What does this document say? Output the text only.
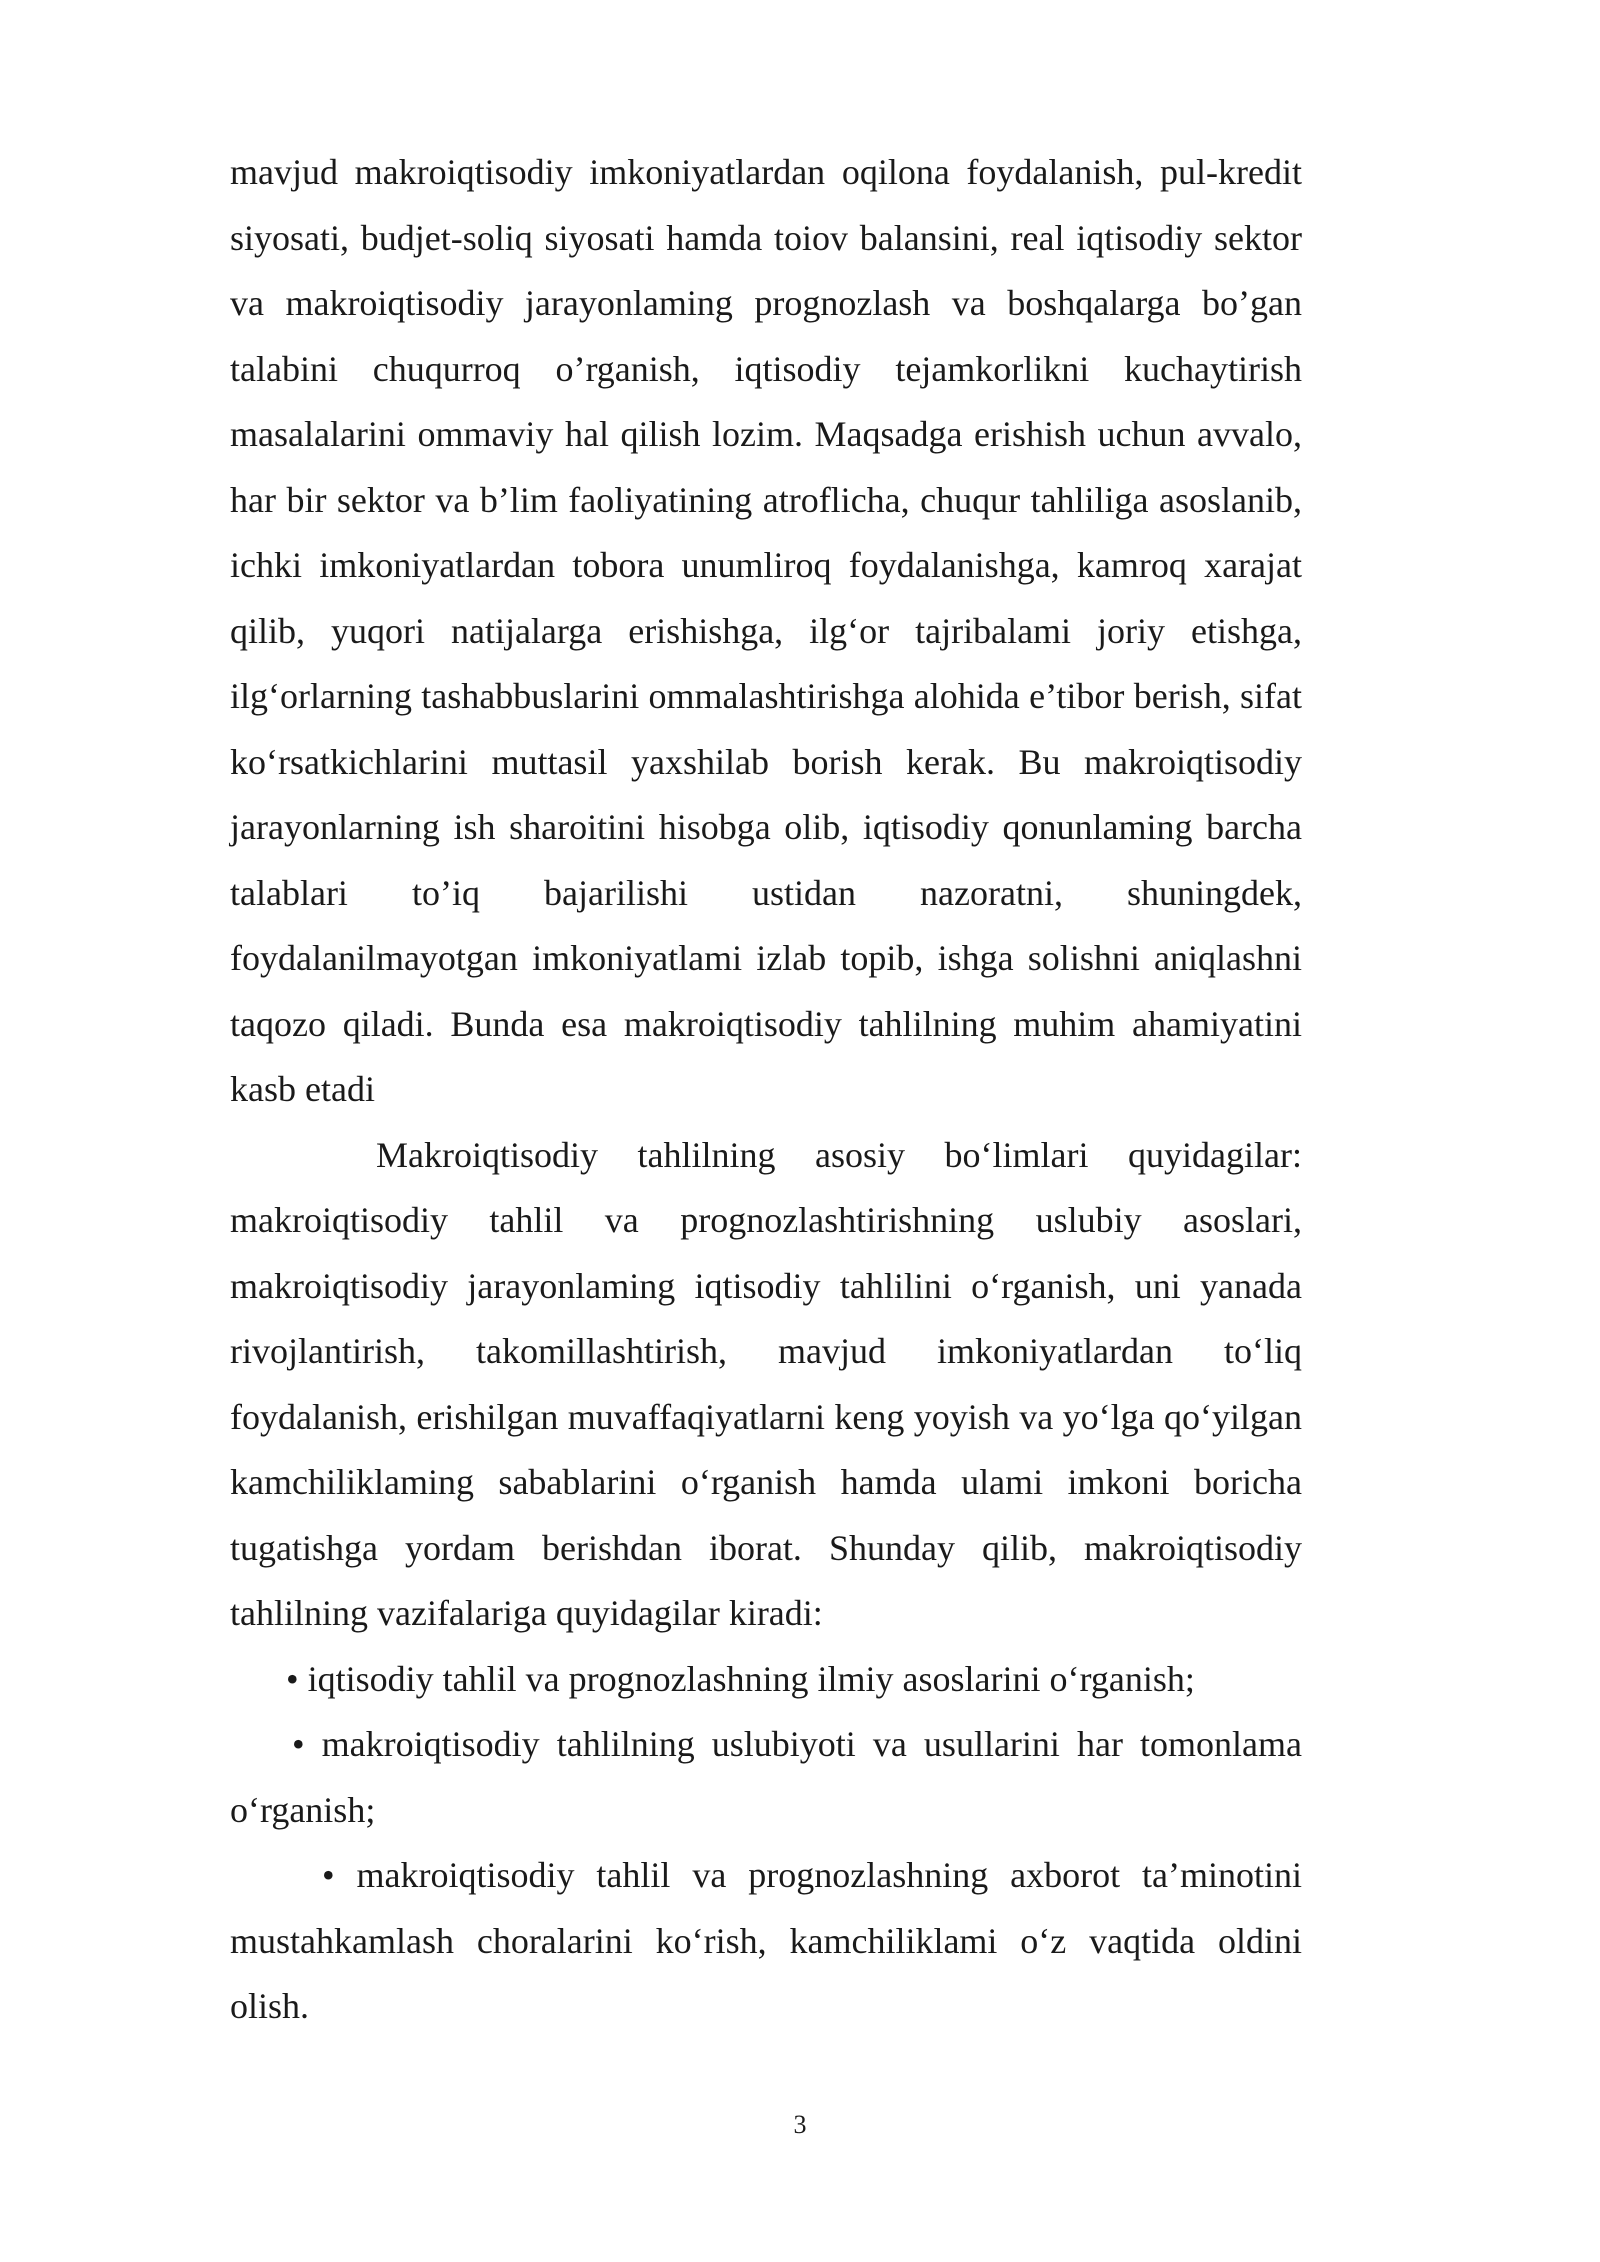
mavjud makroiqtisodiy imkoniyatlardan oqilona foydalanish, pul-kredit siyosati, budjet-soliq siyosati hamda toiov balansini, real iqtisodiy sektor va makroiqtisodiy jarayonlaming prognozlash va boshqalarga bo’gan talabini chuqurroq o’rganish, iqtisodiy tejamkorlikni kuchaytirish masalalarini ommaviy hal qilish lozim. Maqsadga erishish uchun avvalo, har bir sektor va b’lim faoliyatining atroflicha, chuqur tahliliga asoslanib, ichki imkoniyatlardan tobora unumliroq foydalanishga, kamroq xarajat qilib, yuqori natijalarga erishishga, ilg‘or tajribalami joriy etishga, ilg‘orlarning tashabbuslarini ommalashtirishga alohida e’tibor berish, sifat ko‘rsatkichlarini muttasil yaxshilab borish kerak. Bu makroiqtisodiy jarayonlarning ish sharoitini hisobga olib, iqtisodiy qonunlaming barcha talablari to’iq bajarilishi ustidan nazoratni, shuningdek, foydalanilmayotgan imkoniyatlami izlab topib, ishga solishni aniqlashni taqozo qiladi. Bunda esa makroiqtisodiy tahlilning muhim ahamiyatini kasb etadi

Makroiqtisodiy tahlilning asosiy bo‘limlari quyidagilar: makroiqtisodiy tahlil va prognozlashtirishning uslubiy asoslari, makroiqtisodiy jarayonlaming iqtisodiy tahlilini o‘rganish, uni yanada rivojlantirish, takomillashtirish, mavjud imkoniyatlardan to‘liq foydalanish, erishilgan muvaffaqiyatlarni keng yoyish va yo‘lga qo‘yilgan kamchiliklaming sabablarini o‘rganish hamda ulami imkoni boricha tugatishga yordam berishdan iborat. Shunday qilib, makroiqtisodiy tahlilning vazifalariga quyidagilar kiradi:

• iqtisodiy tahlil va prognozlashning ilmiy asoslarini o‘rganish;

• makroiqtisodiy tahlilning uslubiyoti va usullarini har tomonlama o‘rganish;

• makroiqtisodiy tahlil va prognozlashning axborot ta’minotini mustahkamlash choralarini ko‘rish, kamchiliklami o‘z vaqtida oldini olish.

3
